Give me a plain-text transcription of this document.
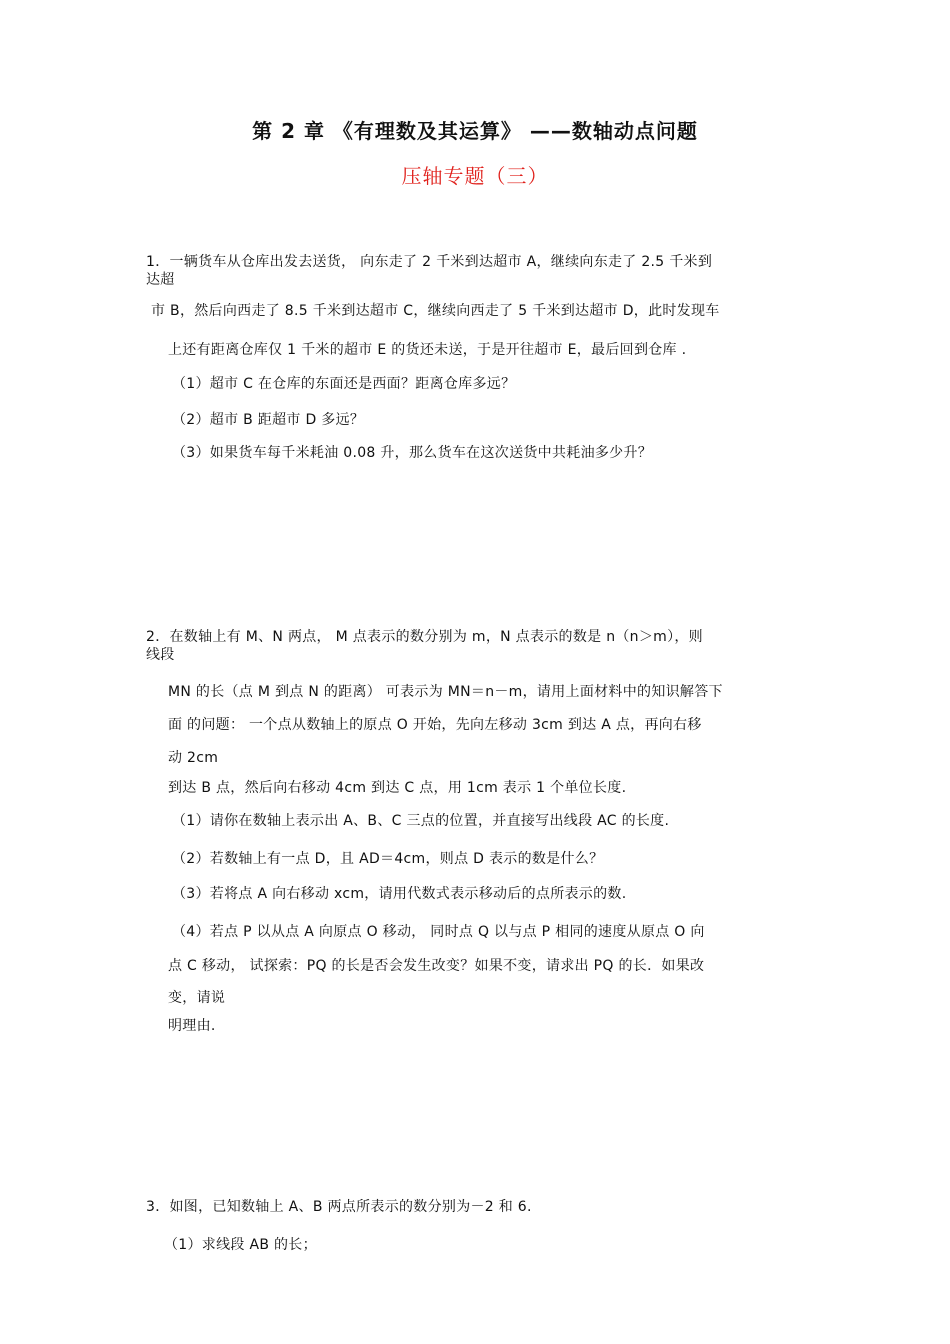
第 2 章 《有理数及其运算》 ——数轴动点问题
压轴专题（三）
1．一辆货车从仓库出发去送货， 向东走了 2 千米到达超市 A，继续向东走了 2.5 千米到
达超
市 B，然后向西走了 8.5 千米到达超市 C，继续向西走了 5 千米到达超市 D，此时发现车
上还有距离仓库仅 1 千米的超市 E 的货还未送，于是开往超市 E，最后回到仓库 .
（1）超市 C 在仓库的东面还是西面？距离仓库多远？
（2）超市 B 距超市 D 多远？
（3）如果货车每千米耗油 0.08 升，那么货车在这次送货中共耗油多少升？
2．在数轴上有 M、N 两点， M 点表示的数分别为 m，N 点表示的数是 n（n＞m），则
线段
MN 的长（点 M 到点 N 的距离） 可表示为 MN＝n－m，请用上面材料中的知识解答下
面 的问题： 一个点从数轴上的原点 O 开始，先向左移动 3cm 到达 A 点，再向右移
动 2cm
到达 B 点，然后向右移动 4cm 到达 C 点，用 1cm 表示 1 个单位长度.
（1）请你在数轴上表示出 A、B、C 三点的位置，并直接写出线段 AC 的长度.
（2）若数轴上有一点 D，且 AD＝4cm，则点 D 表示的数是什么？
（3）若将点 A 向右移动 xcm，请用代数式表示移动后的点所表示的数.
（4）若点 P 以从点 A 向原点 O 移动， 同时点 Q 以与点 P 相同的速度从原点 O 向
点 C 移动， 试探索：PQ 的长是否会发生改变？如果不变，请求出 PQ 的长．如果改
变，请说
明理由.
3．如图，已知数轴上 A、B 两点所表示的数分别为－2 和 6.
（1）求线段 AB 的长；
